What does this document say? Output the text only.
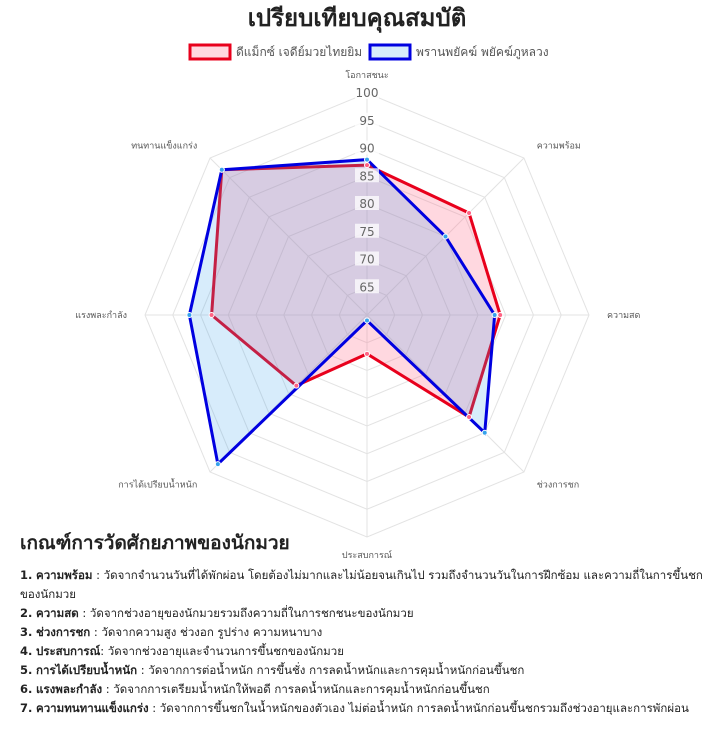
เปรียบเทียบคุณสมบัติ
ดีแม็กซ์ เจดีย์มวยไทยยิม	พรานพยัคฆ์ พยัคฆ์ภูหลวง
65
70
75
80
85
90
95
100
โอกาสชนะ
ความพร้อม
ความสด
ช่วงการชก
ประสบการณ์
การได้เปรียบน้ำหนัก
แรงพละกำลัง
ทนทานแข็งแกร่ง
เกณฑ์การวัดศักยภาพของนักมวย
1. ความพร้อม : วัดจากจำนวนวันที่ได้พักผ่อน โดยต้องไม่มากและไม่น้อยจนเกินไป รวมถึงจำนวนวันในการฝึกซ้อม และความถี่ในการขึ้นชกของนักมวย
2. ความสด : วัดจากช่วงอายุของนักมวยรวมถึงความถี่ในการชกชนะของนักมวย
3. ช่วงการชก : วัดจากความสูง ช่วงอก รูปร่าง ความหนาบาง
4. ประสบการณ์: วัดจากช่วงอายุและจำนวนการขึ้นชกของนักมวย
5. การได้เปรียบน้ำหนัก : วัดจากการต่อน้ำหนัก การขึ้นชั่ง การลดน้ำหนักและการคุมน้ำหนักก่อนขึ้นชก
6. แรงพละกำลัง : วัดจากการเตรียมน้ำหนักให้พอดี การลดน้ำหนักและการคุมน้ำหนักก่อนขึ้นชก
7. ความทนทานแข็งแกร่ง : วัดจากการขึ้นชกในน้ำหนักของตัวเอง ไม่ต่อน้ำหนัก การลดน้ำหนักก่อนขึ้นชกรวมถึงช่วงอายุและการพักผ่อน
